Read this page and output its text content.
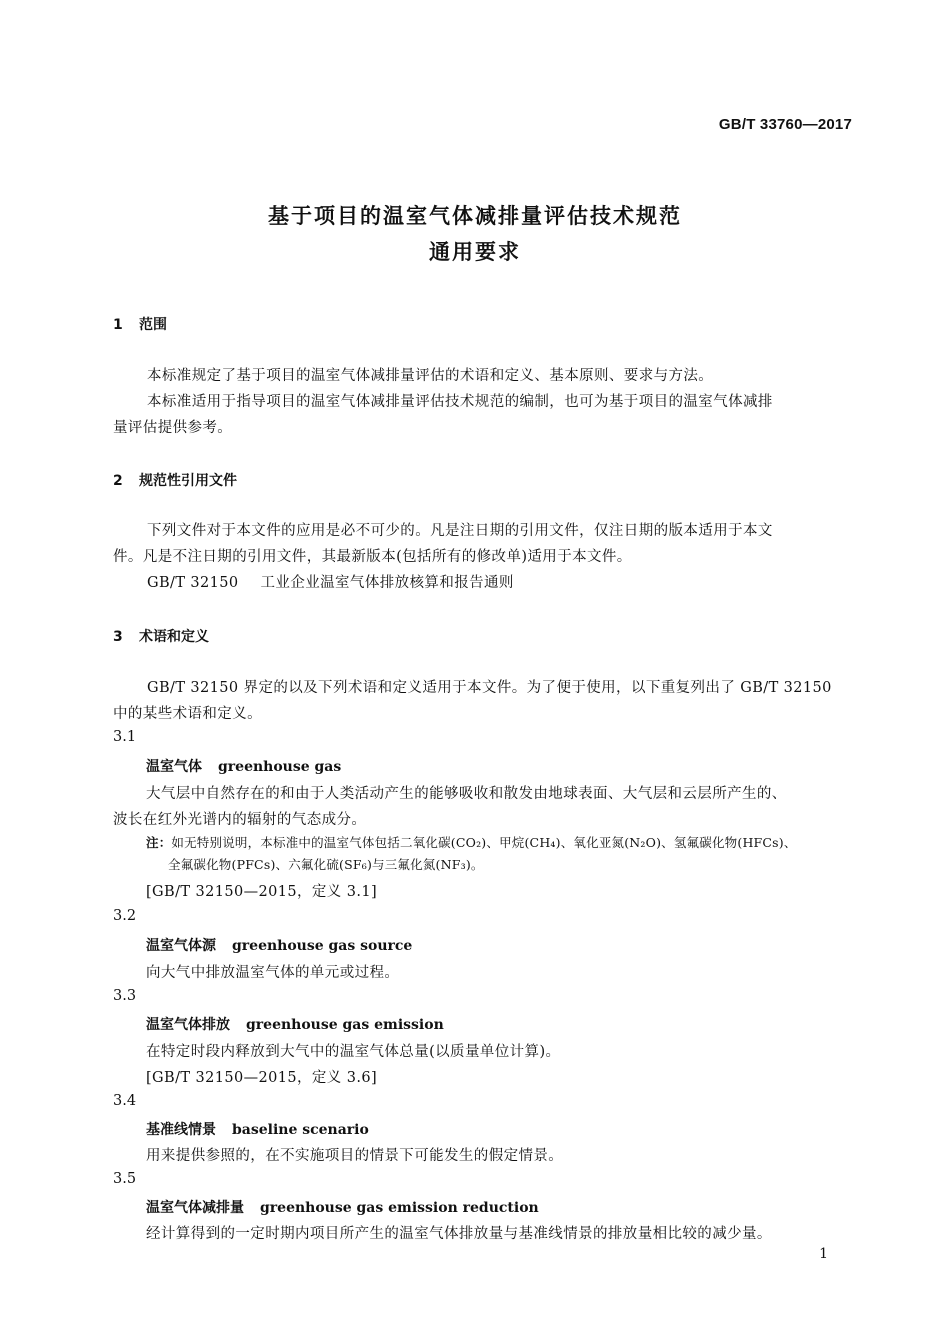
GB/T 33760—2017
基于项目的温室气体减排量评估技术规范
通用要求
1 范围
本标准规定了基于项目的温室气体减排量评估的术语和定义、基本原则、要求与方法。
本标准适用于指导项目的温室气体减排量评估技术规范的编制，也可为基于项目的温室气体减排
量评估提供参考。
2 规范性引用文件
下列文件对于本文件的应用是必不可少的。凡是注日期的引用文件，仅注日期的版本适用于本文
件。凡是不注日期的引用文件，其最新版本(包括所有的修改单)适用于本文件。
GB/T 32150 工业企业温室气体排放核算和报告通则
3 术语和定义
GB/T 32150 界定的以及下列术语和定义适用于本文件。为了便于使用，以下重复列出了 GB/T 32150
中的某些术语和定义。
3.1
温室气体 greenhouse gas
大气层中自然存在的和由于人类活动产生的能够吸收和散发由地球表面、大气层和云层所产生的、
波长在红外光谱内的辐射的气态成分。
注：如无特别说明，本标准中的温室气体包括二氧化碳(CO₂)、甲烷(CH₄)、氧化亚氮(N₂O)、氢氟碳化物(HFCs)、
全氟碳化物(PFCs)、六氟化硫(SF₆)与三氟化氮(NF₃)。
[GB/T 32150—2015，定义 3.1]
3.2
温室气体源 greenhouse gas source
向大气中排放温室气体的单元或过程。
3.3
温室气体排放 greenhouse gas emission
在特定时段内释放到大气中的温室气体总量(以质量单位计算)。
[GB/T 32150—2015，定义 3.6]
3.4
基准线情景 baseline scenario
用来提供参照的，在不实施项目的情景下可能发生的假定情景。
3.5
温室气体减排量 greenhouse gas emission reduction
经计算得到的一定时期内项目所产生的温室气体排放量与基准线情景的排放量相比较的减少量。
1
